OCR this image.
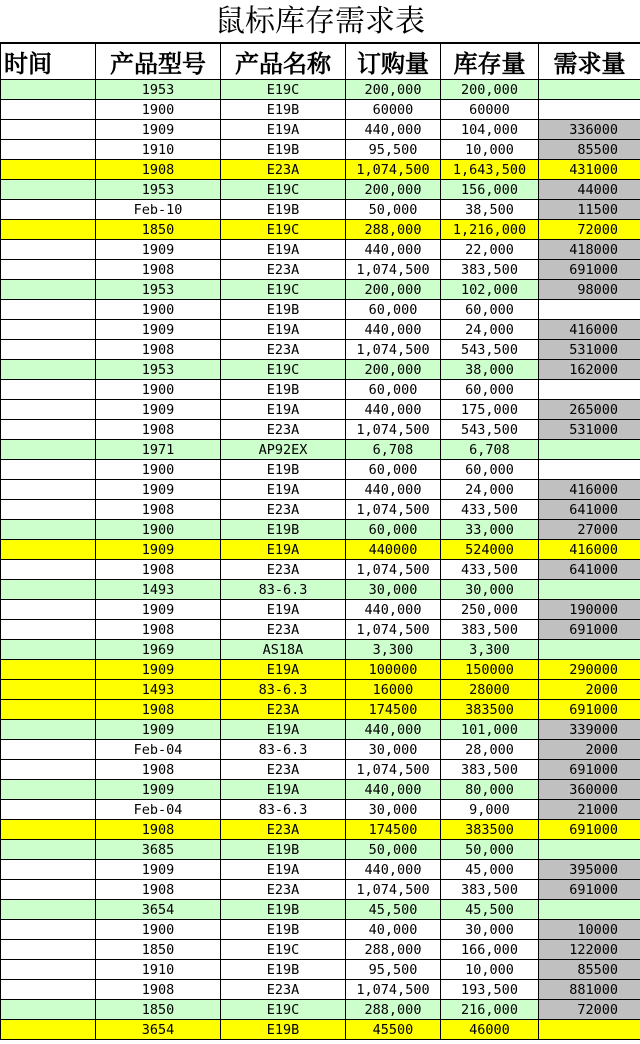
鼠标库存需求表
时间	产品型号	产品名称	订购量	库存量	需求量
	1953	E19C	200,000	200,000	
	1900	E19B	60000	60000	
	1909	E19A	440,000	104,000	336000
	1910	E19B	95,500	10,000	85500
	1908	E23A	1,074,500	1,643,500	431000
	1953	E19C	200,000	156,000	44000
	Feb-10	E19B	50,000	38,500	11500
	1850	E19C	288,000	1,216,000	72000
	1909	E19A	440,000	22,000	418000
	1908	E23A	1,074,500	383,500	691000
	1953	E19C	200,000	102,000	98000
	1900	E19B	60,000	60,000	
	1909	E19A	440,000	24,000	416000
	1908	E23A	1,074,500	543,500	531000
	1953	E19C	200,000	38,000	162000
	1900	E19B	60,000	60,000	
	1909	E19A	440,000	175,000	265000
	1908	E23A	1,074,500	543,500	531000
	1971	AP92EX	6,708	6,708	
	1900	E19B	60,000	60,000	
	1909	E19A	440,000	24,000	416000
	1908	E23A	1,074,500	433,500	641000
	1900	E19B	60,000	33,000	27000
	1909	E19A	440000	524000	416000
	1908	E23A	1,074,500	433,500	641000
	1493	83-6.3	30,000	30,000	
	1909	E19A	440,000	250,000	190000
	1908	E23A	1,074,500	383,500	691000
	1969	AS18A	3,300	3,300	
	1909	E19A	100000	150000	290000
	1493	83-6.3	16000	28000	2000
	1908	E23A	174500	383500	691000
	1909	E19A	440,000	101,000	339000
	Feb-04	83-6.3	30,000	28,000	2000
	1908	E23A	1,074,500	383,500	691000
	1909	E19A	440,000	80,000	360000
	Feb-04	83-6.3	30,000	9,000	21000
	1908	E23A	174500	383500	691000
	3685	E19B	50,000	50,000	
	1909	E19A	440,000	45,000	395000
	1908	E23A	1,074,500	383,500	691000
	3654	E19B	45,500	45,500	
	1900	E19B	40,000	30,000	10000
	1850	E19C	288,000	166,000	122000
	1910	E19B	95,500	10,000	85500
	1908	E23A	1,074,500	193,500	881000
	1850	E19C	288,000	216,000	72000
	3654	E19B	45500	46000	
